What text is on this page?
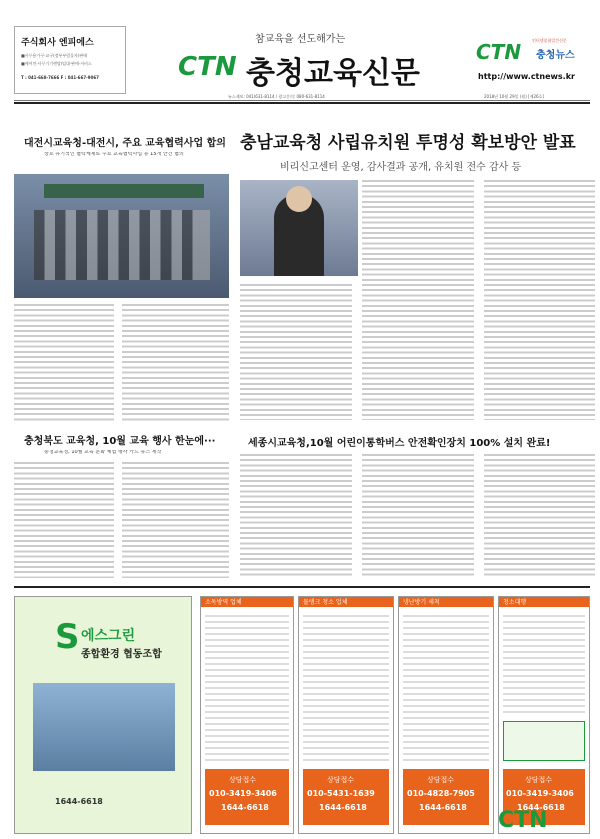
주식회사 엔피에스
■사무용가구·교구(정부부럼물자)판매
■에어컨·사무기기렌탈/임대·판매·서비스
T : 041-668-7666 F : 041-667-9067
참교육을 선도해가는
CTN 충청교육신문
CTN	인터넷종합일간신문
충청뉴스
http://www.ctnews.kr
뉴스제보: 041)631-8114 / 광고문의: 080-631-8114	2018년 10월 29일 (월) [제26호]
대전시교육청-대전시, 주요 교육협력사업 합의
상호 유기적인 협력체제로 주요 교육협력사업 등 15개 안건 협의
충남교육청 사립유치원 투명성 확보방안 발표
비리신고센터 운영, 감사결과 공개, 유치원 전수 감사 등
충청북도 교육청, 10월 교육 행사 한눈에···
충청교육청, 10월 교육 문화 체험 행사 카드 뉴스 제작
세종시교육청,10월 어린이통학버스 안전확인장치 100% 설치 완료!
S 에스그린
종합환경 협동조합
1644-6618
소독방역 업체
상담접수
010-3419-3406
1644-6618
물탱크 청소 업체
상담접수
010-5431-1639
1644-6618
냉난방기 세척
상담접수
010-4828-7905
1644-6618
청소대행
상담접수
010-3419-3406
1644-6618
CTN
